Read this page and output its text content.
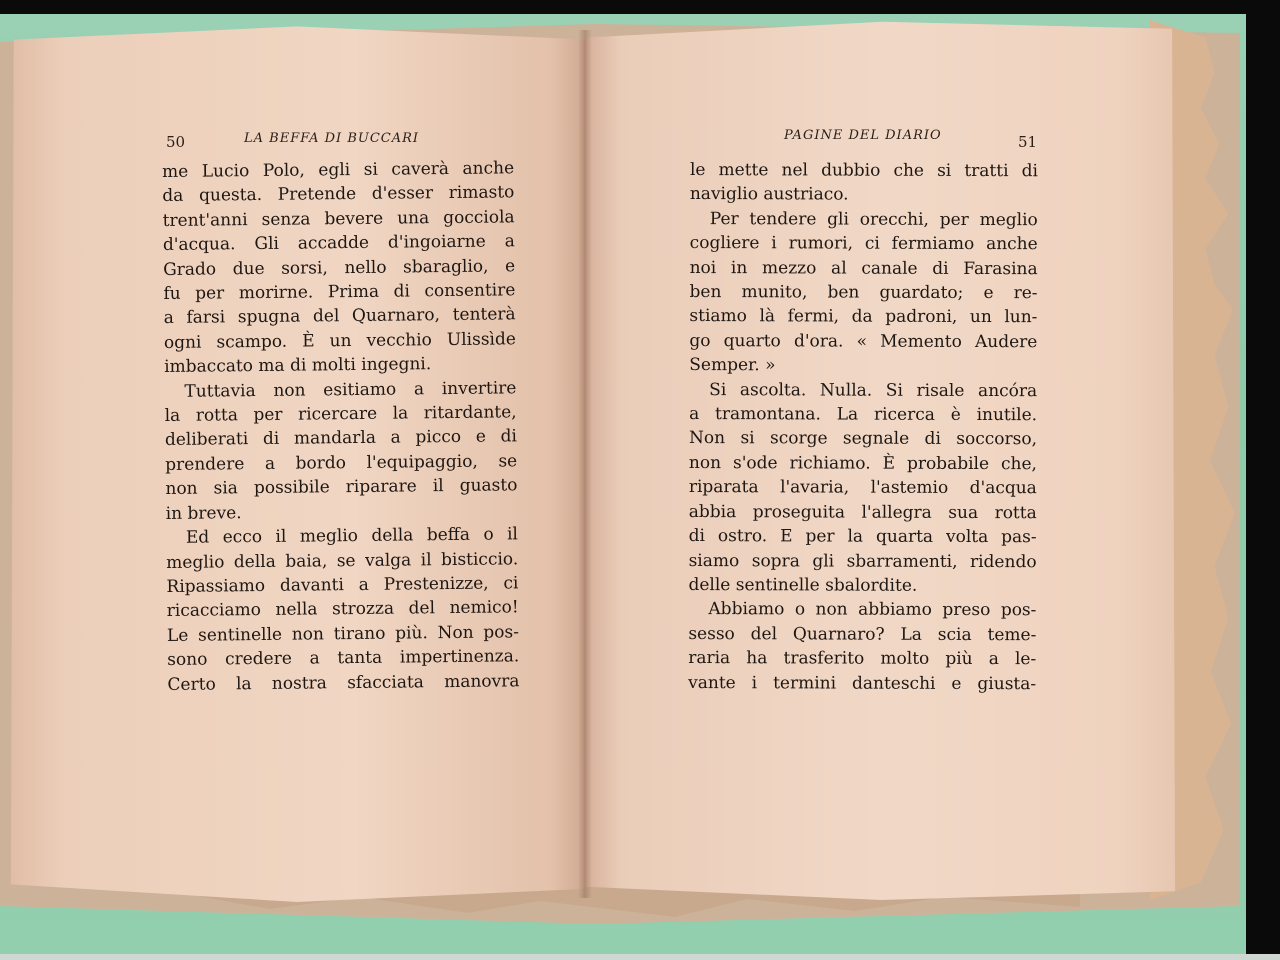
50	LA BEFFA DI BUCCARI	PAGINE DEL DIARIO	51
me Lucio Polo, egli si caverà anche
da questa. Pretende d'esser rimasto
trent'anni senza bevere una gocciola
d'acqua. Gli accadde d'ingoiarne a
Grado due sorsi, nello sbaraglio, e
fu per morirne. Prima di consentire
a farsi spugna del Quarnaro, tenterà
ogni scampo. È un vecchio Ulissìde
imbaccato ma di molti ingegni.
Tuttavia non esitiamo a invertire
la rotta per ricercare la ritardante,
deliberati di mandarla a picco e di
prendere a bordo l'equipaggio, se
non sia possibile riparare il guasto
in breve.
Ed ecco il meglio della beffa o il
meglio della baia, se valga il bisticcio.
Ripassiamo davanti a Prestenizze, ci
ricacciamo nella strozza del nemico!
Le sentinelle non tirano più. Non pos-
sono credere a tanta impertinenza.
Certo la nostra sfacciata manovra
le mette nel dubbio che si tratti di
naviglio austriaco.
Per tendere gli orecchi, per meglio
cogliere i rumori, ci fermiamo anche
noi in mezzo al canale di Farasina
ben munito, ben guardato; e re-
stiamo là fermi, da padroni, un lun-
go quarto d'ora. « Memento Audere
Semper. »
Si ascolta. Nulla. Si risale ancóra
a tramontana. La ricerca è inutile.
Non si scorge segnale di soccorso,
non s'ode richiamo. È probabile che,
riparata l'avaria, l'astemio d'acqua
abbia proseguita l'allegra sua rotta
di ostro. E per la quarta volta pas-
siamo sopra gli sbarramenti, ridendo
delle sentinelle sbalordite.
Abbiamo o non abbiamo preso pos-
sesso del Quarnaro? La scia teme-
raria ha trasferito molto più a le-
vante i termini danteschi e giusta-
